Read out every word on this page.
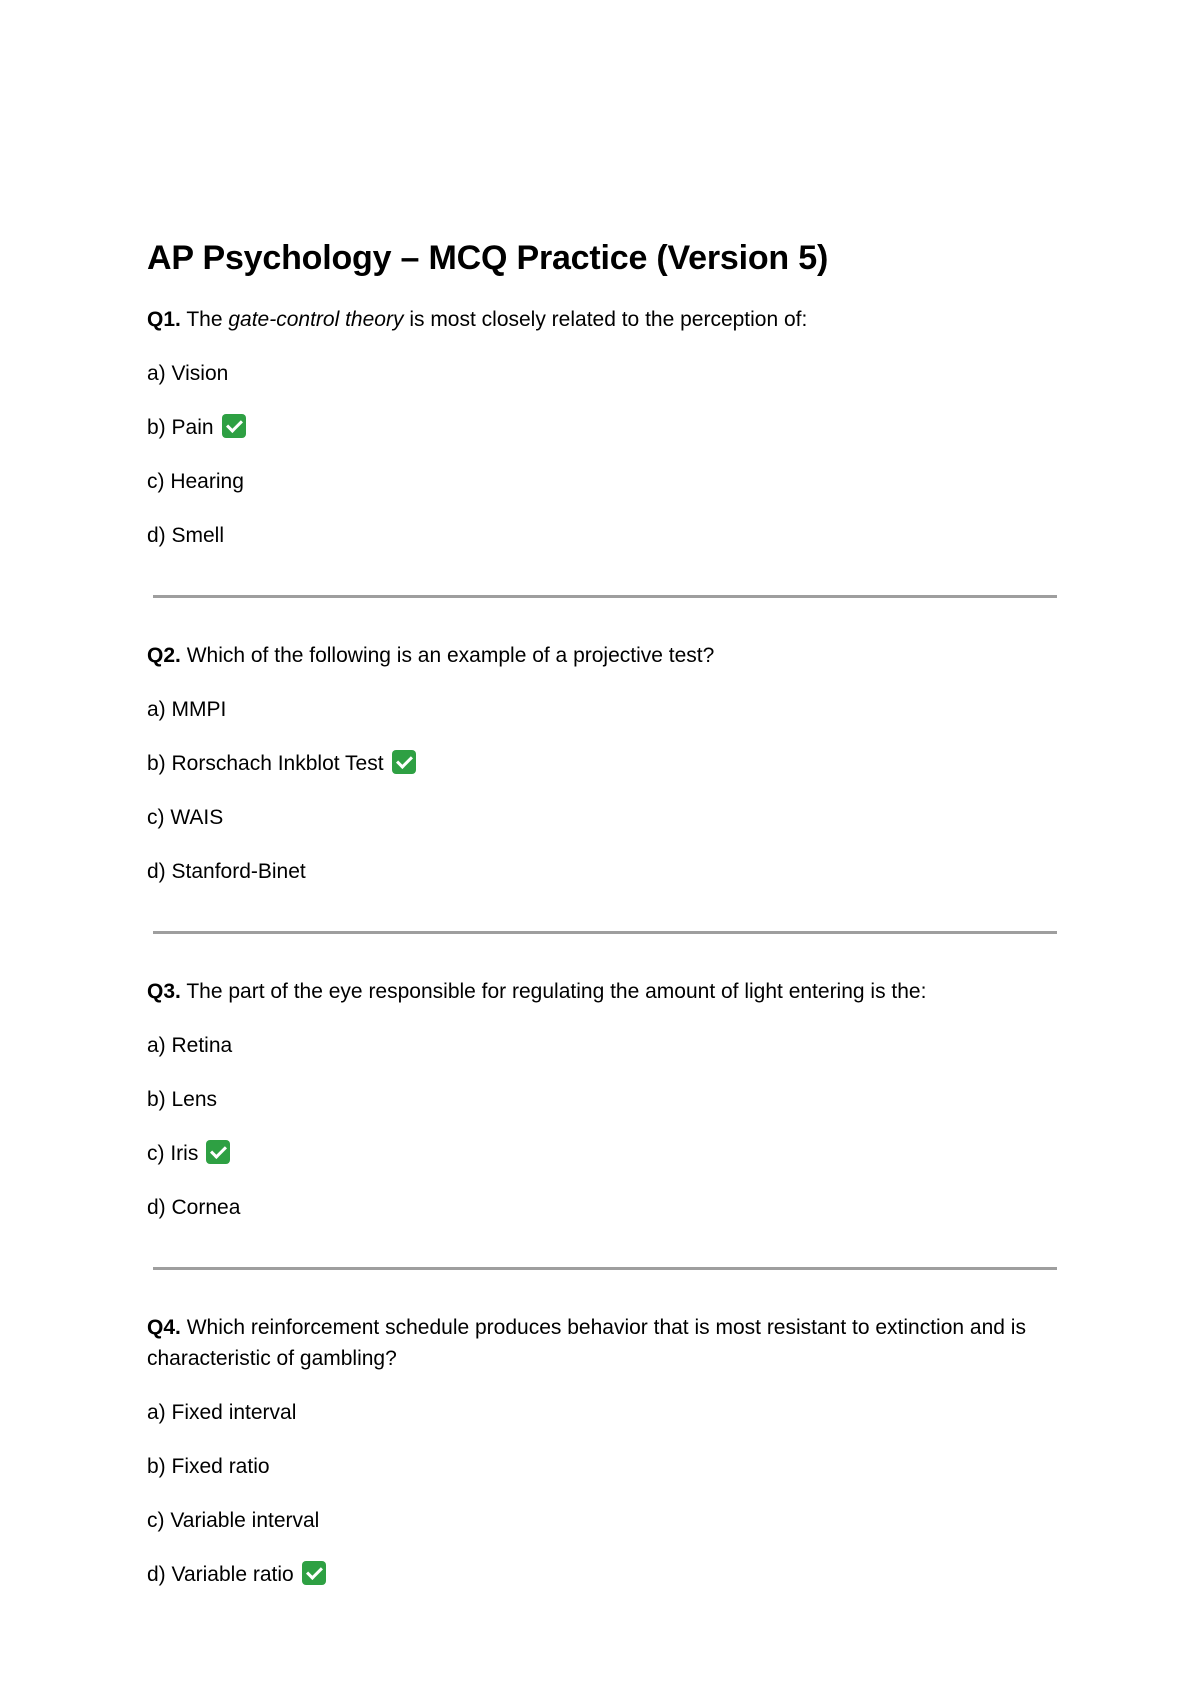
AP Psychology – MCQ Practice (Version 5)

Q1. The gate-control theory is most closely related to the perception of:

a) Vision

b) Pain

c) Hearing

d) Smell

Q2. Which of the following is an example of a projective test?

a) MMPI

b) Rorschach Inkblot Test

c) WAIS

d) Stanford-Binet

Q3. The part of the eye responsible for regulating the amount of light entering is the:

a) Retina

b) Lens

c) Iris

d) Cornea

Q4. Which reinforcement schedule produces behavior that is most resistant to extinction and is characteristic of gambling?

a) Fixed interval

b) Fixed ratio

c) Variable interval

d) Variable ratio
